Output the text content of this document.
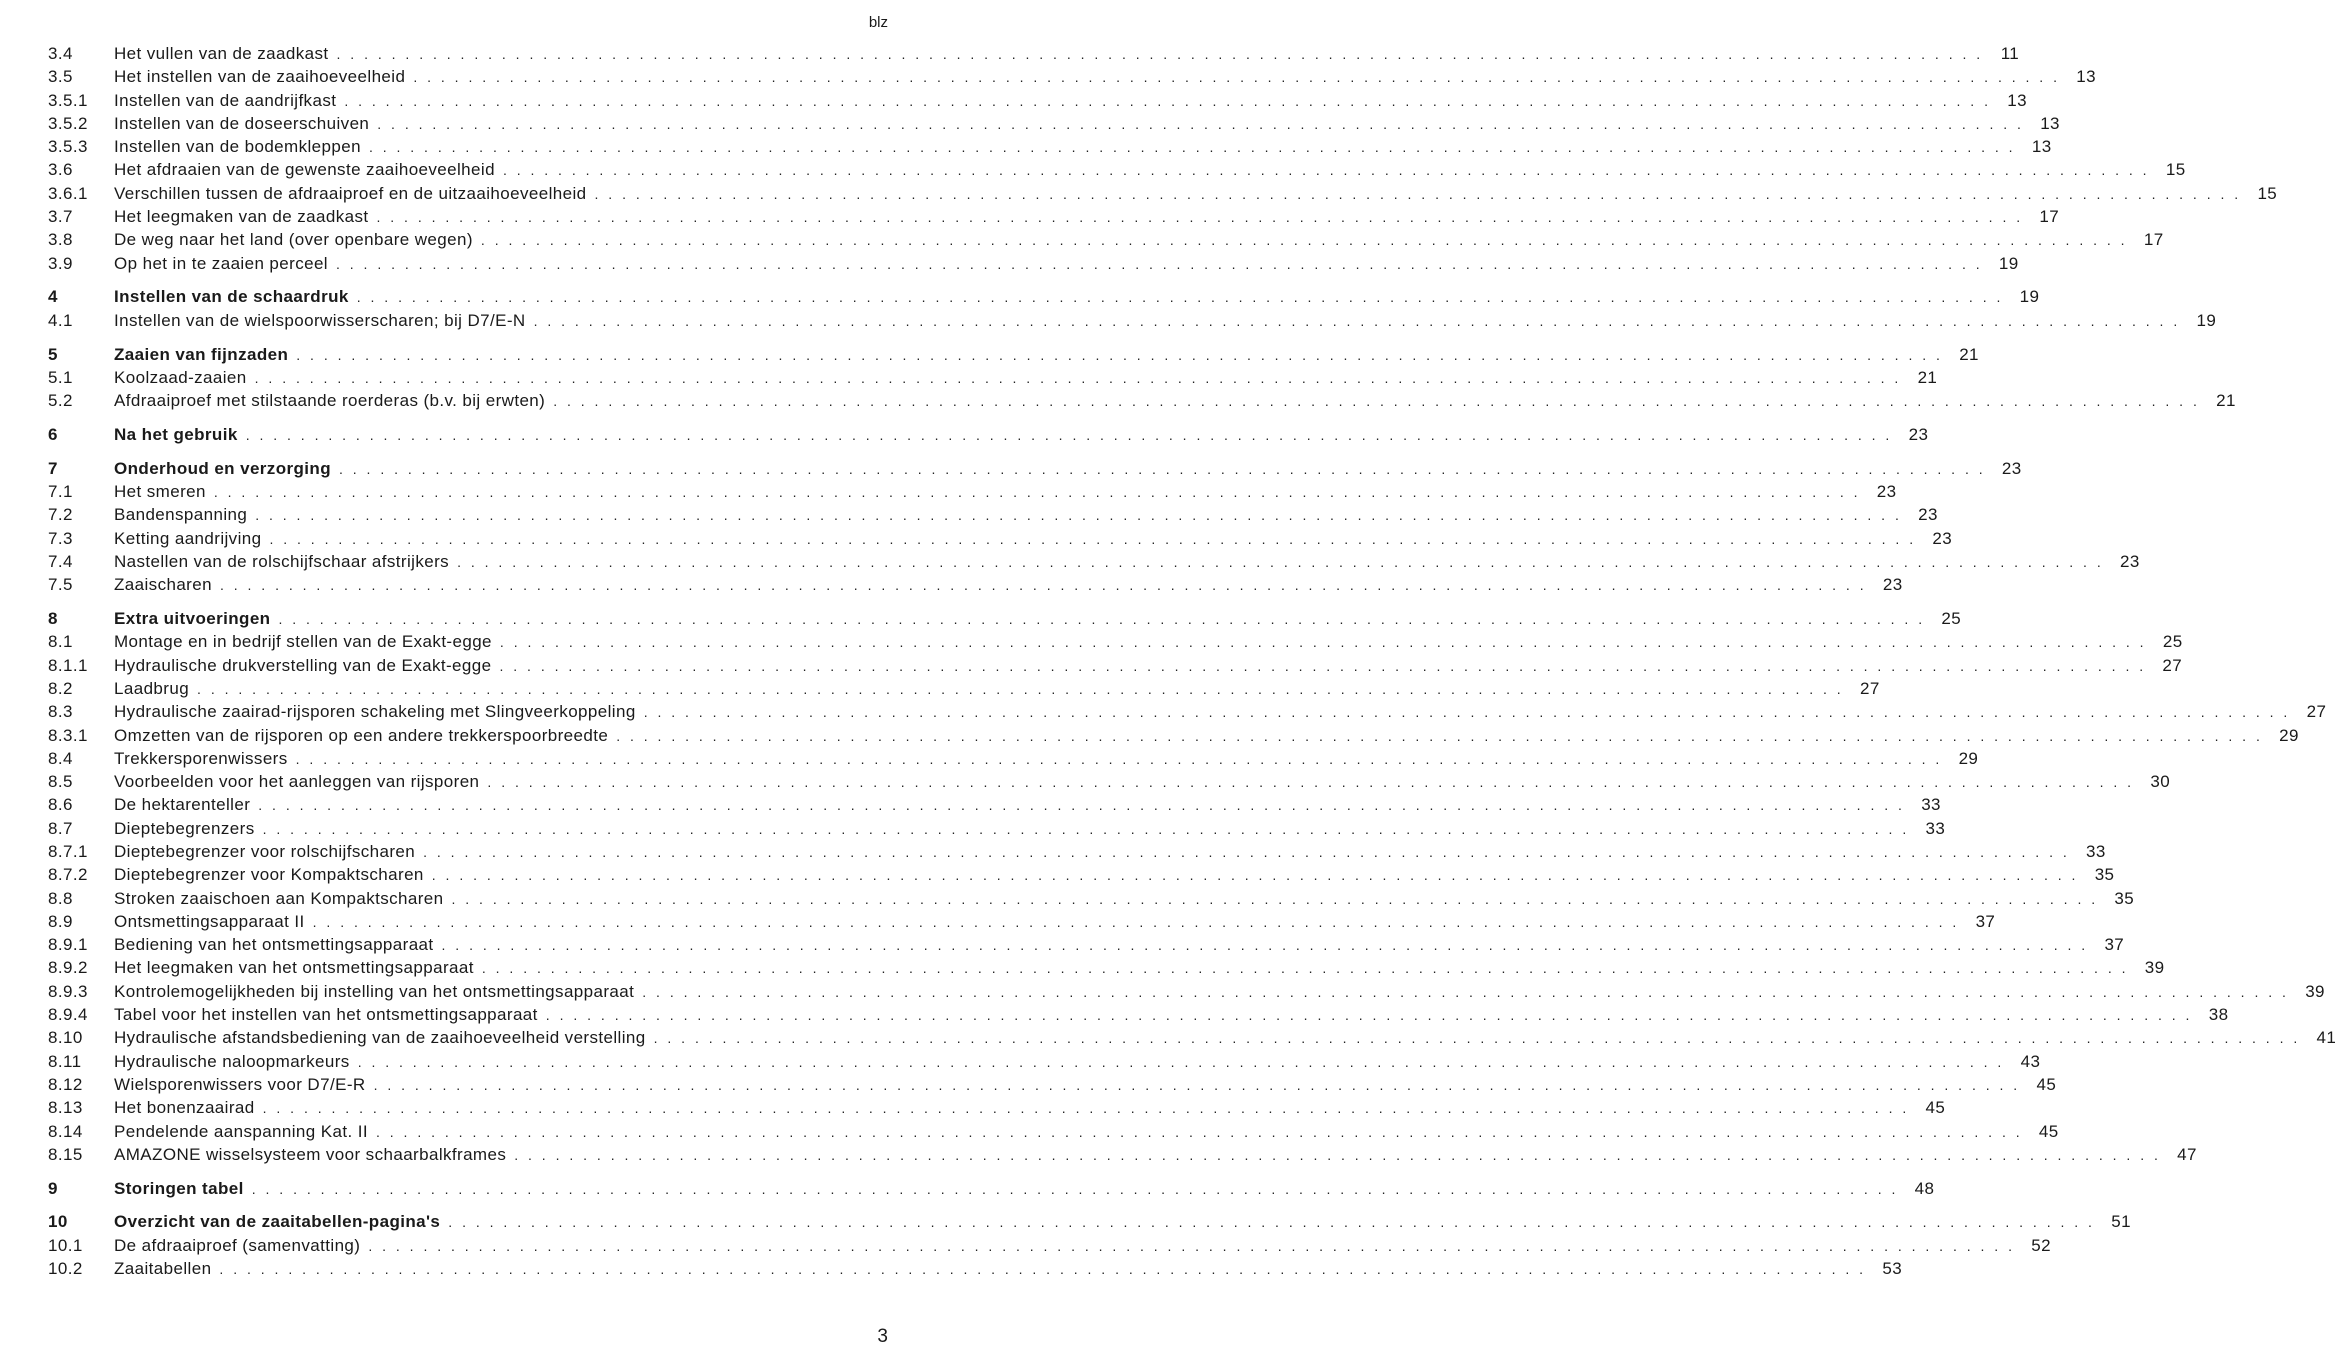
blz
3.4	Het vullen van de zaadkast . . . . . . . . . . . . . . . . . . . . . . . . . . . . . . . . . . . . . . . . . . . . . . . . . . . . . . . . . . . . . . . . . . . . . . . . . . . . . . . . . . . . . . . . . . . . . . . . . . . . . . . . . . . . . . . . . . . . . . . .	11
3.5	Het instellen van de zaaihoeveelheid . . . . . . . . . . . . . . . . . . . . . . . . . . . . . . . . . . . . . . . . . . . . . . . . . . . . . . . . . . . . . . . . . . . . . . . . . . . . . . . . . . . . . . . . . . . . . . . . . . . . . . . . . . . . . . . . . . . . . . . . 13
3.5.1	Instellen van de aandrijfkast . . . . . . . . . . . . . . . . . . . . . . . . . . . . . . . . . . . . . . . . . . . . . . . . . . . . . . . . . . . . . . . . . . . . . . . . . . . . . . . . . . . . . . . . . . . . . . . . . . . . . . . . . . . . . . . . . . . . . . . . 13
3.5.2	Instellen van de doseerschuiven . . . . . . . . . . . . . . . . . . . . . . . . . . . . . . . . . . . . . . . . . . . . . . . . . . . . . . . . . . . . . . . . . . . . . . . . . . . . . . . . . . . . . . . . . . . . . . . . . . . . . . . . . . . . . . . . . . . . . . . . 13
3.5.3	Instellen van de bodemkleppen . . . . . . . . . . . . . . . . . . . . . . . . . . . . . . . . . . . . . . . . . . . . . . . . . . . . . . . . . . . . . . . . . . . . . . . . . . . . . . . . . . . . . . . . . . . . . . . . . . . . . . . . . . . . . . . . . . . . . . . . 13
3.6	Het afdraaien van de gewenste zaaihoeveelheid . . . . . . . . . . . . . . . . . . . . . . . . . . . . . . . . . . . . . . . . . . . . . . . . . . . . . . . . . . . . . . . . . . . . . . . . . . . . . . . . . . . . . . . . . . . . . . . . . . . . . . . . . . . . . . . . . . . . . . . . 15
3.6.1	Verschillen tussen de afdraaiproef en de uitzaaihoeveelheid . . . . . . . . . . . . . . . . . . . . . . . . . . . . . . . . . . . . . . . . . . . . . . . . . . . . . . . . . . . . . . . . . . . . . . . . . . . . . . . . . . . . . . . . . . . . . . . . . . . . . . . . . . . . . . . . . . . . . . . . 15
3.7	Het leegmaken van de zaadkast . . . . . . . . . . . . . . . . . . . . . . . . . . . . . . . . . . . . . . . . . . . . . . . . . . . . . . . . . . . . . . . . . . . . . . . . . . . . . . . . . . . . . . . . . . . . . . . . . . . . . . . . . . . . . . . . . . . . . . . . 17
3.8	De weg naar het land (over openbare wegen) . . . . . . . . . . . . . . . . . . . . . . . . . . . . . . . . . . . . . . . . . . . . . . . . . . . . . . . . . . . . . . . . . . . . . . . . . . . . . . . . . . . . . . . . . . . . . . . . . . . . . . . . . . . . . . . . . . . . . . . . 17
3.9	Op het in te zaaien perceel . . . . . . . . . . . . . . . . . . . . . . . . . . . . . . . . . . . . . . . . . . . . . . . . . . . . . . . . . . . . . . . . . . . . . . . . . . . . . . . . . . . . . . . . . . . . . . . . . . . . . . . . . . . . . . . . . . . . . . . . 19
4	Instellen van de schaardruk . . . . . . . . . . . . . . . . . . . . . . . . . . . . . . . . . . . . . . . . . . . . . . . . . . . . . . . . . . . . . . . . . . . . . . . . . . . . . . . . . . . . . . . . . . . . . . . . . . . . . . . . . . . . . . . . . . . . . . . . 19
4.1	Instellen van de wielspoorwisserscharen; bij D7/E-N . . . . . . . . . . . . . . . . . . . . . . . . . . . . . . . . . . . . . . . . . . . . . . . . . . . . . . . . . . . . . . . . . . . . . . . . . . . . . . . . . . . . . . . . . . . . . . . . . . . . . . . . . . . . . . . . . . . . . . . . 19
5	Zaaien van fijnzaden . . . . . . . . . . . . . . . . . . . . . . . . . . . . . . . . . . . . . . . . . . . . . . . . . . . . . . . . . . . . . . . . . . . . . . . . . . . . . . . . . . . . . . . . . . . . . . . . . . . . . . . . . . . . . . . . . . . . . . . . 21
5.1	Koolzaad-zaaien . . . . . . . . . . . . . . . . . . . . . . . . . . . . . . . . . . . . . . . . . . . . . . . . . . . . . . . . . . . . . . . . . . . . . . . . . . . . . . . . . . . . . . . . . . . . . . . . . . . . . . . . . . . . . . . . . . . . . . . . 21
5.2	Afdraaiproef met stilstaande roerderas (b.v. bij erwten) . . . . . . . . . . . . . . . . . . . . . . . . . . . . . . . . . . . . . . . . . . . . . . . . . . . . . . . . . . . . . . . . . . . . . . . . . . . . . . . . . . . . . . . . . . . . . . . . . . . . . . . . . . . . . . . . . . . . . . . . 21
6	Na het gebruik . . . . . . . . . . . . . . . . . . . . . . . . . . . . . . . . . . . . . . . . . . . . . . . . . . . . . . . . . . . . . . . . . . . . . . . . . . . . . . . . . . . . . . . . . . . . . . . . . . . . . . . . . . . . . . . . . . . . . . . . 23
7	Onderhoud en verzorging . . . . . . . . . . . . . . . . . . . . . . . . . . . . . . . . . . . . . . . . . . . . . . . . . . . . . . . . . . . . . . . . . . . . . . . . . . . . . . . . . . . . . . . . . . . . . . . . . . . . . . . . . . . . . . . . . . . . . . . . 23
7.1	Het smeren . . . . . . . . . . . . . . . . . . . . . . . . . . . . . . . . . . . . . . . . . . . . . . . . . . . . . . . . . . . . . . . . . . . . . . . . . . . . . . . . . . . . . . . . . . . . . . . . . . . . . . . . . . . . . . . . . . . . . . . . 23
7.2	Bandenspanning . . . . . . . . . . . . . . . . . . . . . . . . . . . . . . . . . . . . . . . . . . . . . . . . . . . . . . . . . . . . . . . . . . . . . . . . . . . . . . . . . . . . . . . . . . . . . . . . . . . . . . . . . . . . . . . . . . . . . . . . 23
7.3	Ketting aandrijving . . . . . . . . . . . . . . . . . . . . . . . . . . . . . . . . . . . . . . . . . . . . . . . . . . . . . . . . . . . . . . . . . . . . . . . . . . . . . . . . . . . . . . . . . . . . . . . . . . . . . . . . . . . . . . . . . . . . . . . . 23
7.4	Nastellen van de rolschijfschaar afstrijkers . . . . . . . . . . . . . . . . . . . . . . . . . . . . . . . . . . . . . . . . . . . . . . . . . . . . . . . . . . . . . . . . . . . . . . . . . . . . . . . . . . . . . . . . . . . . . . . . . . . . . . . . . . . . . . . . . . . . . . . . 23
7.5	Zaaischaren . . . . . . . . . . . . . . . . . . . . . . . . . . . . . . . . . . . . . . . . . . . . . . . . . . . . . . . . . . . . . . . . . . . . . . . . . . . . . . . . . . . . . . . . . . . . . . . . . . . . . . . . . . . . . . . . . . . . . . . . 23
8	Extra uitvoeringen . . . . . . . . . . . . . . . . . . . . . . . . . . . . . . . . . . . . . . . . . . . . . . . . . . . . . . . . . . . . . . . . . . . . . . . . . . . . . . . . . . . . . . . . . . . . . . . . . . . . . . . . . . . . . . . . . . . . . . . . 25
8.1	Montage en in bedrijf stellen van de Exakt-egge . . . . . . . . . . . . . . . . . . . . . . . . . . . . . . . . . . . . . . . . . . . . . . . . . . . . . . . . . . . . . . . . . . . . . . . . . . . . . . . . . . . . . . . . . . . . . . . . . . . . . . . . . . . . . . . . . . . . . . . . 25
8.1.1	Hydraulische drukverstelling van de Exakt-egge . . . . . . . . . . . . . . . . . . . . . . . . . . . . . . . . . . . . . . . . . . . . . . . . . . . . . . . . . . . . . . . . . . . . . . . . . . . . . . . . . . . . . . . . . . . . . . . . . . . . . . . . . . . . . . . . . . . . . . . . 27
8.2	Laadbrug . . . . . . . . . . . . . . . . . . . . . . . . . . . . . . . . . . . . . . . . . . . . . . . . . . . . . . . . . . . . . . . . . . . . . . . . . . . . . . . . . . . . . . . . . . . . . . . . . . . . . . . . . . . . . . . . . . . . . . . . 27
8.3	Hydraulische zaairad-rijsporen schakeling met Slingveerkoppeling . . . . . . . . . . . . . . . . . . . . . . . . . . . . . . . . . . . . . . . . . . . . . . . . . . . . . . . . . . . . . . . . . . . . . . . . . . . . . . . . . . . . . . . . . . . . . . . . . . . . . . . . . . . . . . . . . . . . . . . . 27
8.3.1	Omzetten van de rijsporen op een andere trekkerspoorbreedte . . . . . . . . . . . . . . . . . . . . . . . . . . . . . . . . . . . . . . . . . . . . . . . . . . . . . . . . . . . . . . . . . . . . . . . . . . . . . . . . . . . . . . . . . . . . . . . . . . . . . . . . . . . . . . . . . . . . . . . . 29
8.4	Trekkersporenwissers . . . . . . . . . . . . . . . . . . . . . . . . . . . . . . . . . . . . . . . . . . . . . . . . . . . . . . . . . . . . . . . . . . . . . . . . . . . . . . . . . . . . . . . . . . . . . . . . . . . . . . . . . . . . . . . . . . . . . . . . 29
8.5	Voorbeelden voor het aanleggen van rijsporen . . . . . . . . . . . . . . . . . . . . . . . . . . . . . . . . . . . . . . . . . . . . . . . . . . . . . . . . . . . . . . . . . . . . . . . . . . . . . . . . . . . . . . . . . . . . . . . . . . . . . . . . . . . . . . . . . . . . . . . . 30
8.6	De hektarenteller . . . . . . . . . . . . . . . . . . . . . . . . . . . . . . . . . . . . . . . . . . . . . . . . . . . . . . . . . . . . . . . . . . . . . . . . . . . . . . . . . . . . . . . . . . . . . . . . . . . . . . . . . . . . . . . . . . . . . . . . 33
8.7	Dieptebegrenzers . . . . . . . . . . . . . . . . . . . . . . . . . . . . . . . . . . . . . . . . . . . . . . . . . . . . . . . . . . . . . . . . . . . . . . . . . . . . . . . . . . . . . . . . . . . . . . . . . . . . . . . . . . . . . . . . . . . . . . . . 33
8.7.1	Dieptebegrenzer voor rolschijfscharen . . . . . . . . . . . . . . . . . . . . . . . . . . . . . . . . . . . . . . . . . . . . . . . . . . . . . . . . . . . . . . . . . . . . . . . . . . . . . . . . . . . . . . . . . . . . . . . . . . . . . . . . . . . . . . . . . . . . . . . . 33
8.7.2	Dieptebegrenzer voor Kompaktscharen . . . . . . . . . . . . . . . . . . . . . . . . . . . . . . . . . . . . . . . . . . . . . . . . . . . . . . . . . . . . . . . . . . . . . . . . . . . . . . . . . . . . . . . . . . . . . . . . . . . . . . . . . . . . . . . . . . . . . . . . 35
8.8	Stroken zaaischoen aan Kompaktscharen . . . . . . . . . . . . . . . . . . . . . . . . . . . . . . . . . . . . . . . . . . . . . . . . . . . . . . . . . . . . . . . . . . . . . . . . . . . . . . . . . . . . . . . . . . . . . . . . . . . . . . . . . . . . . . . . . . . . . . . . 35
8.9	Ontsmettingsapparaat II . . . . . . . . . . . . . . . . . . . . . . . . . . . . . . . . . . . . . . . . . . . . . . . . . . . . . . . . . . . . . . . . . . . . . . . . . . . . . . . . . . . . . . . . . . . . . . . . . . . . . . . . . . . . . . . . . . . . . . . . 37
8.9.1	Bediening van het ontsmettingsapparaat . . . . . . . . . . . . . . . . . . . . . . . . . . . . . . . . . . . . . . . . . . . . . . . . . . . . . . . . . . . . . . . . . . . . . . . . . . . . . . . . . . . . . . . . . . . . . . . . . . . . . . . . . . . . . . . . . . . . . . . . 37
8.9.2	Het leegmaken van het ontsmettingsapparaat . . . . . . . . . . . . . . . . . . . . . . . . . . . . . . . . . . . . . . . . . . . . . . . . . . . . . . . . . . . . . . . . . . . . . . . . . . . . . . . . . . . . . . . . . . . . . . . . . . . . . . . . . . . . . . . . . . . . . . . . 39
8.9.3	Kontrolemogelijkheden bij instelling van het ontsmettingsapparaat . . . . . . . . . . . . . . . . . . . . . . . . . . . . . . . . . . . . . . . . . . . . . . . . . . . . . . . . . . . . . . . . . . . . . . . . . . . . . . . . . . . . . . . . . . . . . . . . . . . . . . . . . . . . . . . . . . . . . . . . 39
8.9.4	Tabel voor het instellen van het ontsmettingsapparaat . . . . . . . . . . . . . . . . . . . . . . . . . . . . . . . . . . . . . . . . . . . . . . . . . . . . . . . . . . . . . . . . . . . . . . . . . . . . . . . . . . . . . . . . . . . . . . . . . . . . . . . . . . . . . . . . . . . . . . . . 38
8.10	Hydraulische afstandsbediening van de zaaihoeveelheid verstelling . . . . . . . . . . . . . . . . . . . . . . . . . . . . . . . . . . . . . . . . . . . . . . . . . . . . . . . . . . . . . . . . . . . . . . . . . . . . . . . . . . . . . . . . . . . . . . . . . . . . . . . . . . . . . . . . . . . . . . . . 41
8.11	Hydraulische naloopmarkeurs . . . . . . . . . . . . . . . . . . . . . . . . . . . . . . . . . . . . . . . . . . . . . . . . . . . . . . . . . . . . . . . . . . . . . . . . . . . . . . . . . . . . . . . . . . . . . . . . . . . . . . . . . . . . . . . . . . . . . . . . 43
8.12	Wielsporenwissers voor D7/E-R . . . . . . . . . . . . . . . . . . . . . . . . . . . . . . . . . . . . . . . . . . . . . . . . . . . . . . . . . . . . . . . . . . . . . . . . . . . . . . . . . . . . . . . . . . . . . . . . . . . . . . . . . . . . . . . . . . . . . . . . 45
8.13	Het bonenzaairad . . . . . . . . . . . . . . . . . . . . . . . . . . . . . . . . . . . . . . . . . . . . . . . . . . . . . . . . . . . . . . . . . . . . . . . . . . . . . . . . . . . . . . . . . . . . . . . . . . . . . . . . . . . . . . . . . . . . . . . . 45
8.14	Pendelende aanspanning Kat. II . . . . . . . . . . . . . . . . . . . . . . . . . . . . . . . . . . . . . . . . . . . . . . . . . . . . . . . . . . . . . . . . . . . . . . . . . . . . . . . . . . . . . . . . . . . . . . . . . . . . . . . . . . . . . . . . . . . . . . . . 45
8.15	AMAZONE wisselsysteem voor schaarbalkframes . . . . . . . . . . . . . . . . . . . . . . . . . . . . . . . . . . . . . . . . . . . . . . . . . . . . . . . . . . . . . . . . . . . . . . . . . . . . . . . . . . . . . . . . . . . . . . . . . . . . . . . . . . . . . . . . . . . . . . . . 47
9	Storingen tabel . . . . . . . . . . . . . . . . . . . . . . . . . . . . . . . . . . . . . . . . . . . . . . . . . . . . . . . . . . . . . . . . . . . . . . . . . . . . . . . . . . . . . . . . . . . . . . . . . . . . . . . . . . . . . . . . . . . . . . . . 48
10	Overzicht van de zaaitabellen-pagina's . . . . . . . . . . . . . . . . . . . . . . . . . . . . . . . . . . . . . . . . . . . . . . . . . . . . . . . . . . . . . . . . . . . . . . . . . . . . . . . . . . . . . . . . . . . . . . . . . . . . . . . . . . . . . . . . . . . . . . . . 51
10.1	De afdraaiproef (samenvatting) . . . . . . . . . . . . . . . . . . . . . . . . . . . . . . . . . . . . . . . . . . . . . . . . . . . . . . . . . . . . . . . . . . . . . . . . . . . . . . . . . . . . . . . . . . . . . . . . . . . . . . . . . . . . . . . . . . . . . . . . 52
10.2	Zaaitabellen . . . . . . . . . . . . . . . . . . . . . . . . . . . . . . . . . . . . . . . . . . . . . . . . . . . . . . . . . . . . . . . . . . . . . . . . . . . . . . . . . . . . . . . . . . . . . . . . . . . . . . . . . . . . . . . . . . . . . . . . 53
3
